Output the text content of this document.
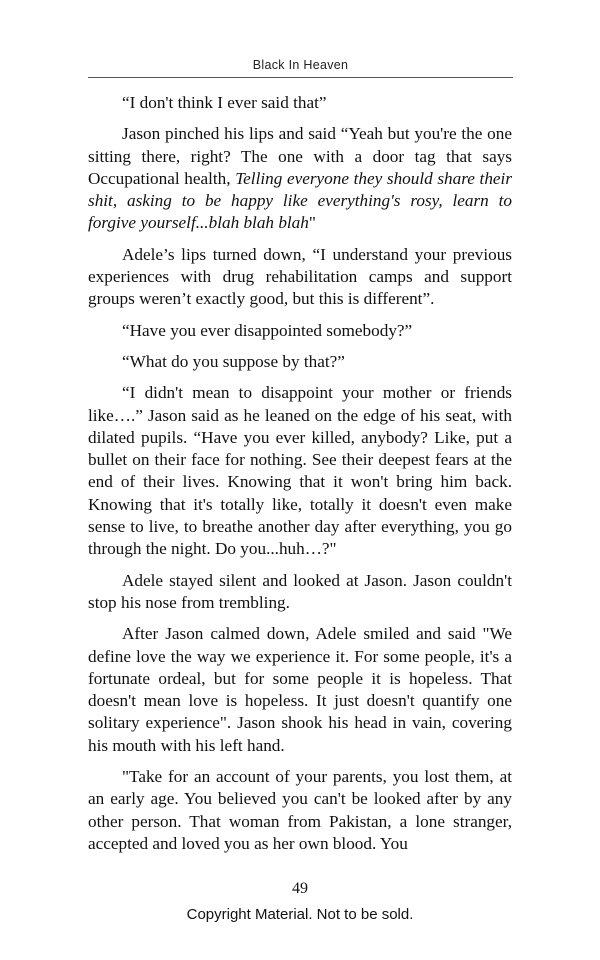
Black In Heaven

“I don't think I ever said that”

Jason pinched his lips and said “Yeah but you're the one sitting there, right? The one with a door tag that says Occupational health, Telling everyone they should share their shit, asking to be happy like everything's rosy, learn to forgive yourself...blah blah blah"

Adele’s lips turned down, “I understand your previous experiences with drug rehabilitation camps and support groups weren’t exactly good, but this is different”.

“Have you ever disappointed somebody?”

“What do you suppose by that?”

“I didn't mean to disappoint your mother or friends like….” Jason said as he leaned on the edge of his seat, with dilated pupils. “Have you ever killed, anybody? Like, put a bullet on their face for nothing. See their deepest fears at the end of their lives. Knowing that it won't bring him back. Knowing that it's totally like, totally it doesn't even make sense to live, to breathe another day after everything, you go through the night. Do you...huh…?"

Adele stayed silent and looked at Jason. Jason couldn't stop his nose from trembling.

After Jason calmed down, Adele smiled and said "We define love the way we experience it. For some people, it's a fortunate ordeal, but for some people it is hopeless. That doesn't mean love is hopeless. It just doesn't quantify one solitary experience". Jason shook his head in vain, covering his mouth with his left hand.

"Take for an account of your parents, you lost them, at an early age. You believed you can't be looked after by any other person. That woman from Pakistan, a lone stranger, accepted and loved you as her own blood. You

49
Copyright Material. Not to be sold.
